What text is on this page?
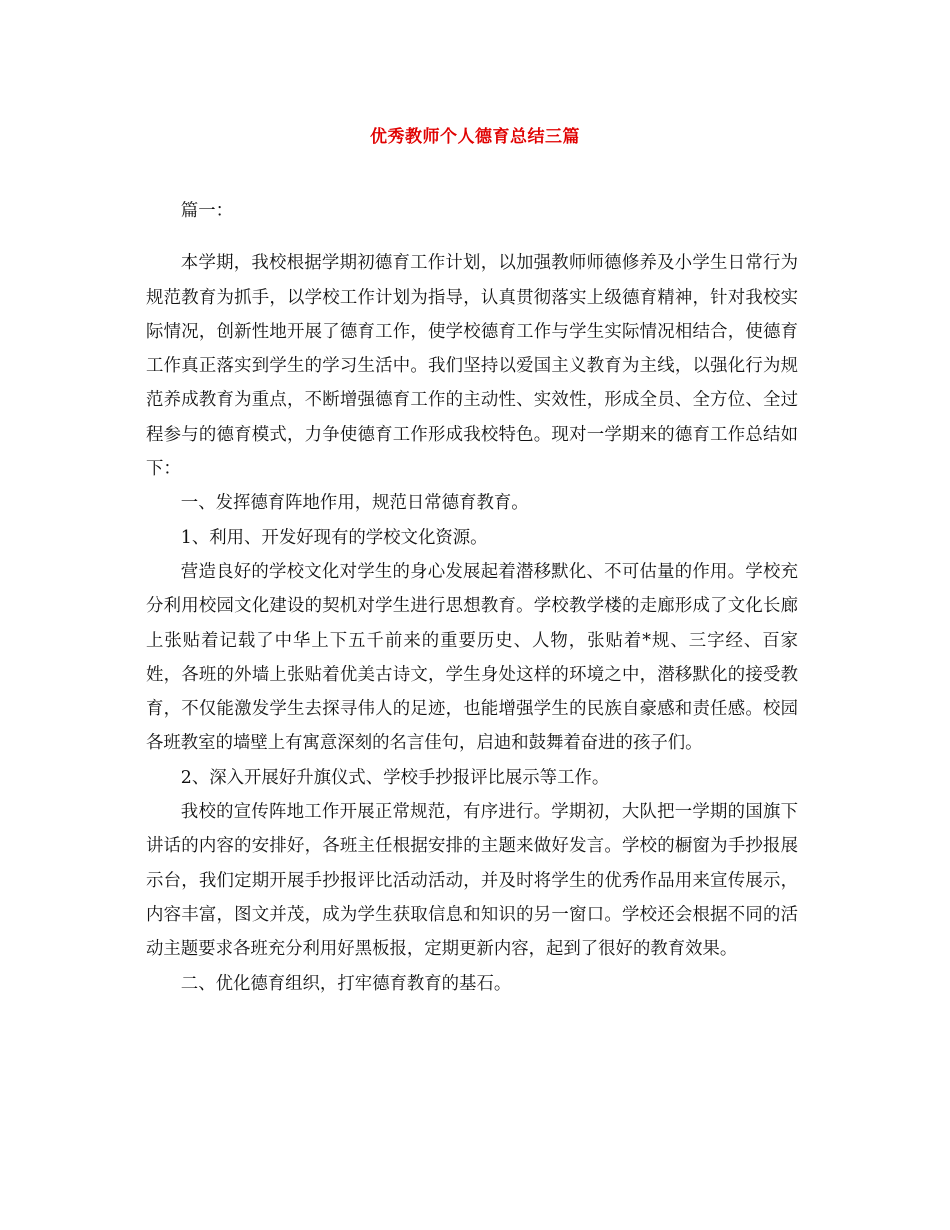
优秀教师个人德育总结三篇

篇一：

本学期，我校根据学期初德育工作计划，以加强教师师德修养及小学生日常行为规范教育为抓手，以学校工作计划为指导，认真贯彻落实上级德育精神，针对我校实际情况，创新性地开展了德育工作，使学校德育工作与学生实际情况相结合，使德育工作真正落实到学生的学习生活中。我们坚持以爱国主义教育为主线，以强化行为规范养成教育为重点，不断增强德育工作的主动性、实效性，形成全员、全方位、全过程参与的德育模式，力争使德育工作形成我校特色。现对一学期来的德育工作总结如下：

一、发挥德育阵地作用，规范日常德育教育。

1、利用、开发好现有的学校文化资源。

营造良好的学校文化对学生的身心发展起着潜移默化、不可估量的作用。学校充分利用校园文化建设的契机对学生进行思想教育。学校教学楼的走廊形成了文化长廊上张贴着记载了中华上下五千前来的重要历史、人物，张贴着*规、三字经、百家姓，各班的外墙上张贴着优美古诗文，学生身处这样的环境之中，潜移默化的接受教育，不仅能激发学生去探寻伟人的足迹，也能增强学生的民族自豪感和责任感。校园各班教室的墙壁上有寓意深刻的名言佳句，启迪和鼓舞着奋进的孩子们。

2、深入开展好升旗仪式、学校手抄报评比展示等工作。

我校的宣传阵地工作开展正常规范，有序进行。学期初，大队把一学期的国旗下讲话的内容的安排好，各班主任根据安排的主题来做好发言。学校的橱窗为手抄报展示台，我们定期开展手抄报评比活动活动，并及时将学生的优秀作品用来宣传展示，内容丰富，图文并茂，成为学生获取信息和知识的另一窗口。学校还会根据不同的活动主题要求各班充分利用好黑板报，定期更新内容，起到了很好的教育效果。

二、优化德育组织，打牢德育教育的基石。
